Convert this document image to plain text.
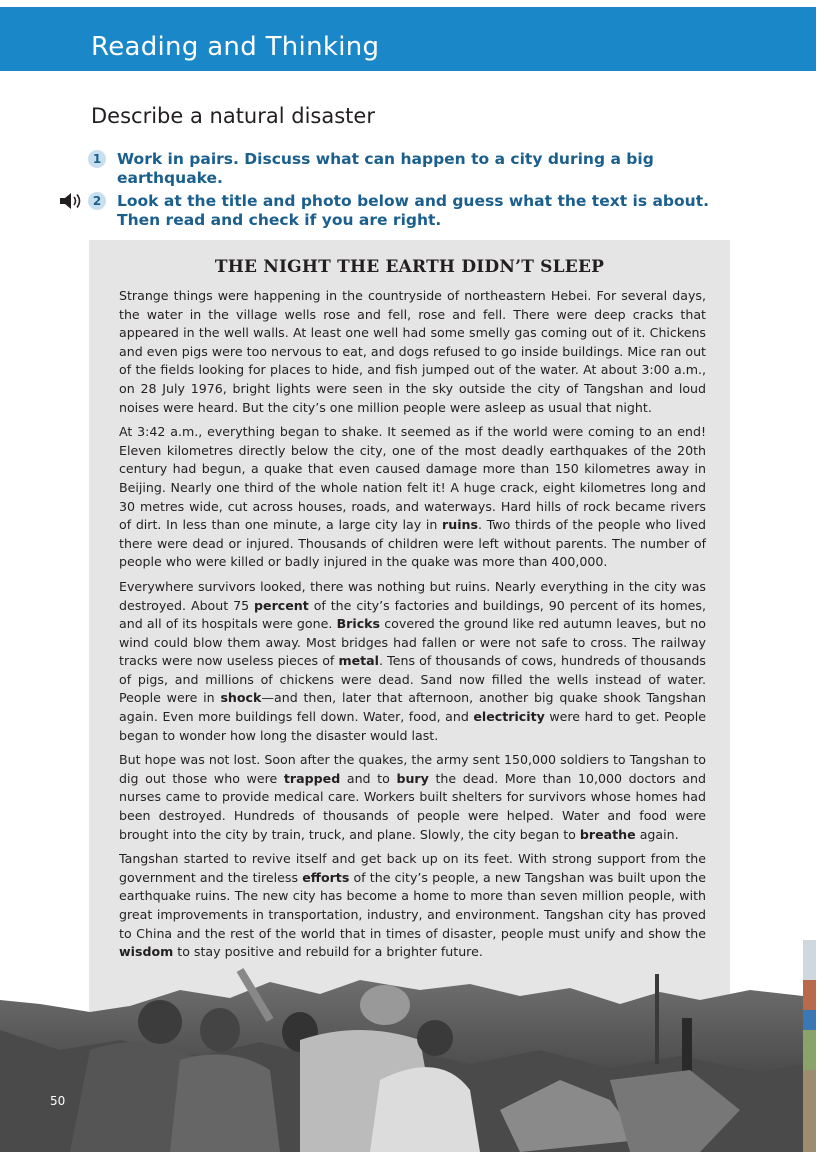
Reading and Thinking
Describe a natural disaster
1	Work in pairs. Discuss what can happen to a city during a big earthquake.
2	Look at the title and photo below and guess what the text is about. Then read and check if you are right.
THE NIGHT THE EARTH DIDN’T SLEEP

Strange things were happening in the countryside of northeastern Hebei. For several days, the water in the village wells rose and fell, rose and fell. There were deep cracks that appeared in the well walls. At least one well had some smelly gas coming out of it. Chickens and even pigs were too nervous to eat, and dogs refused to go inside buildings. Mice ran out of the fields looking for places to hide, and fish jumped out of the water. At about 3:00 a.m., on 28 July 1976, bright lights were seen in the sky outside the city of Tangshan and loud noises were heard. But the city’s one million people were asleep as usual that night.

At 3:42 a.m., everything began to shake. It seemed as if the world were coming to an end! Eleven kilometres directly below the city, one of the most deadly earthquakes of the 20th century had begun, a quake that even caused damage more than 150 kilometres away in Beijing. Nearly one third of the whole nation felt it! A huge crack, eight kilometres long and 30 metres wide, cut across houses, roads, and waterways. Hard hills of rock became rivers of dirt. In less than one minute, a large city lay in ruins. Two thirds of the people who lived there were dead or injured. Thousands of children were left without parents. The number of people who were killed or badly injured in the quake was more than 400,000.

Everywhere survivors looked, there was nothing but ruins. Nearly everything in the city was destroyed. About 75 percent of the city’s factories and buildings, 90 percent of its homes, and all of its hospitals were gone. Bricks covered the ground like red autumn leaves, but no wind could blow them away. Most bridges had fallen or were not safe to cross. The railway tracks were now useless pieces of metal. Tens of thousands of cows, hundreds of thousands of pigs, and millions of chickens were dead. Sand now filled the wells instead of water. People were in shock—and then, later that afternoon, another big quake shook Tangshan again. Even more buildings fell down. Water, food, and electricity were hard to get. People began to wonder how long the disaster would last.

But hope was not lost. Soon after the quakes, the army sent 150,000 soldiers to Tangshan to dig out those who were trapped and to bury the dead. More than 10,000 doctors and nurses came to provide medical care. Workers built shelters for survivors whose homes had been destroyed. Hundreds of thousands of people were helped. Water and food were brought into the city by train, truck, and plane. Slowly, the city began to breathe again.

Tangshan started to revive itself and get back up on its feet. With strong support from the government and the tireless efforts of the city’s people, a new Tangshan was built upon the earthquake ruins. The new city has become a home to more than seven million people, with great improvements in transportation, industry, and environment. Tangshan city has proved to China and the rest of the world that in times of disaster, people must unify and show the wisdom to stay positive and rebuild for a brighter future.

50
